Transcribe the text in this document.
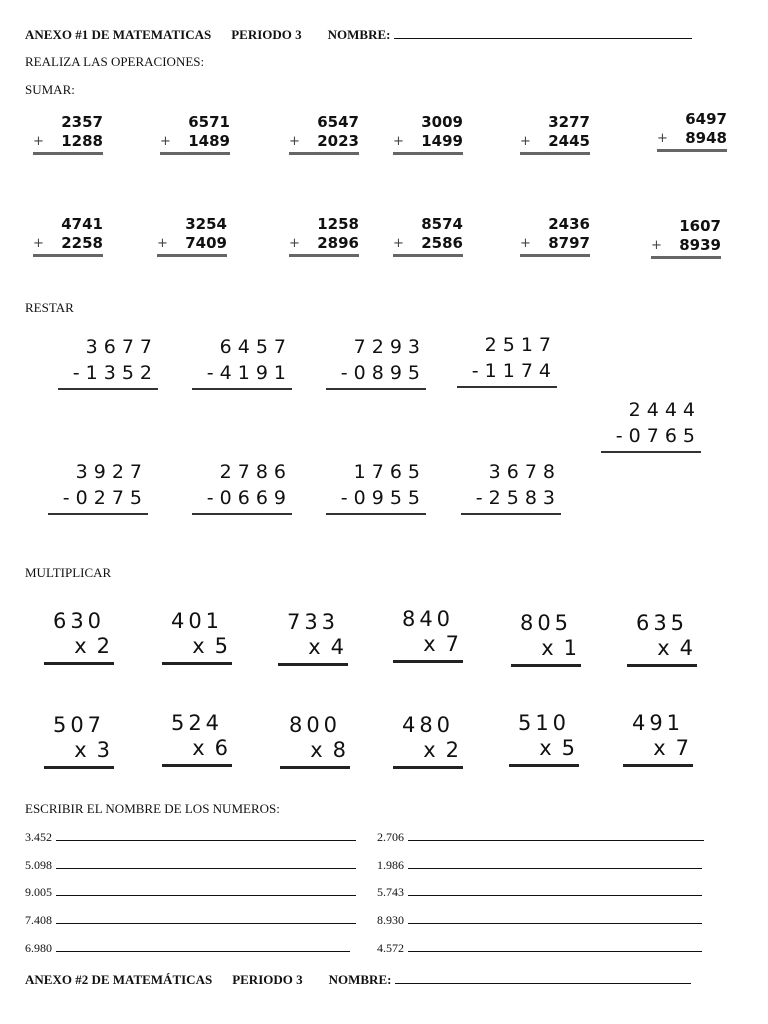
ANEXO #1 DE MATEMATICAS PERIODO 3 NOMBRE:
REALIZA LAS OPERACIONES:
SUMAR:
2357
+ 1288
6571
+ 1489
6547
+ 2023
3009
+ 1499
3277
+ 2445
6497
+ 8948
4741
+ 2258
3254
+ 7409
1258
+ 2896
8574
+ 2586
2436
+ 8797
1607
+ 8939
RESTAR
3677
-1352
6457
-4191
7293
-0895
2517
-1174
2444
-0765
3927
-0275
2786
-0669
1765
-0955
3678
-2583
MULTIPLICAR
630
x 2
401
x 5
733
x 4
840
x 7
805
x 1
635
x 4
507
x 3
524
x 6
800
x 8
480
x 2
510
x 5
491
x 7
ESCRIBIR EL NOMBRE DE LOS NUMEROS:
3.452
5.098
9.005
7.408
6.980
2.706
1.986
5.743
8.930
4.572
ANEXO #2 DE MATEMÁTICAS PERIODO 3 NOMBRE:
